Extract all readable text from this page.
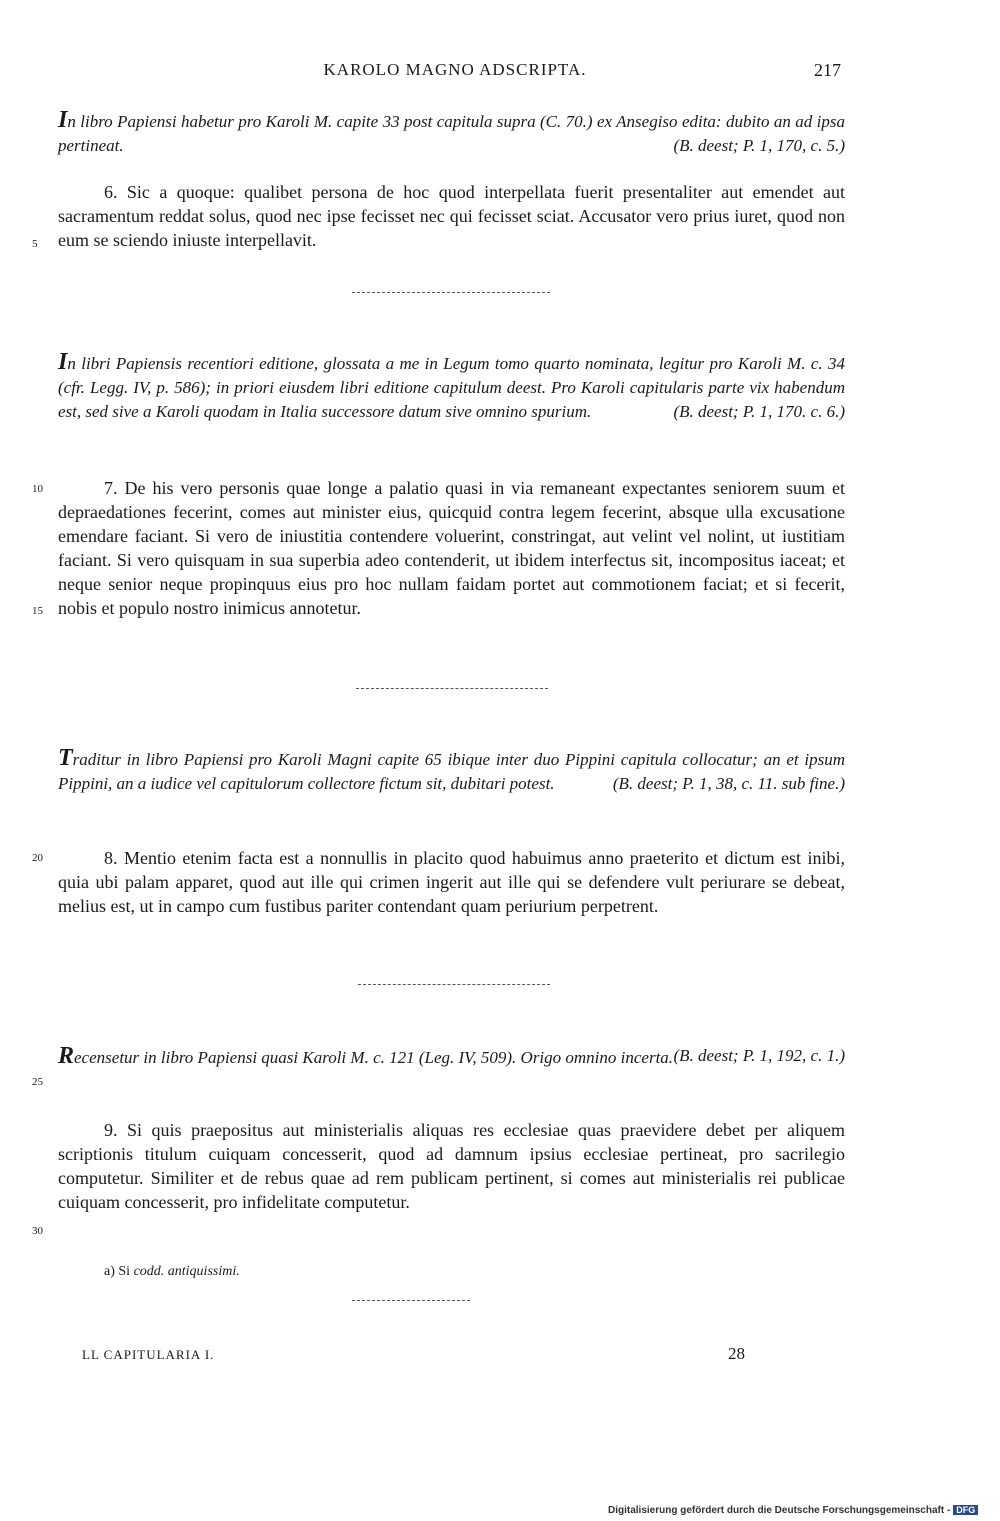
KAROLO MAGNO ADSCRIPTA.	217
In libro Papiensi habetur pro Karoli M. capite 33 post capitula supra (C. 70.) ex Ansegiso edita: dubito an ad ipsa pertineat.	(B. deest; P. 1, 170, c. 5.)
6. Sic a quoque: qualibet persona de hoc quod interpellata fuerit presentaliter aut emendet aut sacramentum reddat solus, quod nec ipse fecisset nec qui fecisset sciat. Accusator vero prius iuret, quod non eum se sciendo iniuste interpellavit.
5
In libri Papiensis recentiori editione, glossata a me in Legum tomo quarto nominata, legitur pro Karoli M. c. 34 (cfr. Legg. IV, p. 586); in priori eiusdem libri editione capitulum deest. Pro Karoli capitularis parte vix habendum est, sed sive a Karoli quodam in Italia successore datum sive omnino spurium.	(B. deest; P. 1, 170. c. 6.)
7. De his vero personis quae longe a palatio quasi in via remaneant expectantes seniorem suum et depraedationes fecerint, comes aut minister eius, quicquid contra legem fecerint, absque ulla excusatione emendare faciant. Si vero de iniustitia contendere voluerint, constringat, aut velint vel nolint, ut iustitiam faciant. Si vero quisquam in sua superbia adeo contenderit, ut ibidem interfectus sit, incompositus iaceat; et neque senior neque propinquus eius pro hoc nullam faidam portet aut commotionem faciat; et si fecerit, nobis et populo nostro inimicus annotetur.
10
15
Traditur in libro Papiensi pro Karoli Magni capite 65 ibique inter duo Pippini capitula collocatur; an et ipsum Pippini, an a iudice vel capitulorum collectore fictum sit, dubitari potest.	(B. deest; P. 1, 38, c. 11. sub fine.)
8. Mentio etenim facta est a nonnullis in placito quod habuimus anno praeterito et dictum est inibi, quia ubi palam apparet, quod aut ille qui crimen ingerit aut ille qui se defendere vult periurare se debeat, melius est, ut in campo cum fustibus pariter contendant quam periurium perpetrent.
20
Recensetur in libro Papiensi quasi Karoli M. c. 121 (Leg. IV, 509). Origo omnino incerta. (B. deest; P. 1, 192, c. 1.)
25
9. Si quis praepositus aut ministerialis aliquas res ecclesiae quas praevidere debet per aliquem scriptionis titulum cuiquam concesserit, quod ad damnum ipsius ecclesiae pertineat, pro sacrilegio computetur. Similiter et de rebus quae ad rem publicam pertinent, si comes aut ministerialis rei publicae cuiquam concesserit, pro infidelitate computetur.
30
a) Si codd. antiquissimi.
LL CAPITULARIA I.	28
Digitalisierung gefördert durch die Deutsche Forschungsgemeinschaft - DFG
